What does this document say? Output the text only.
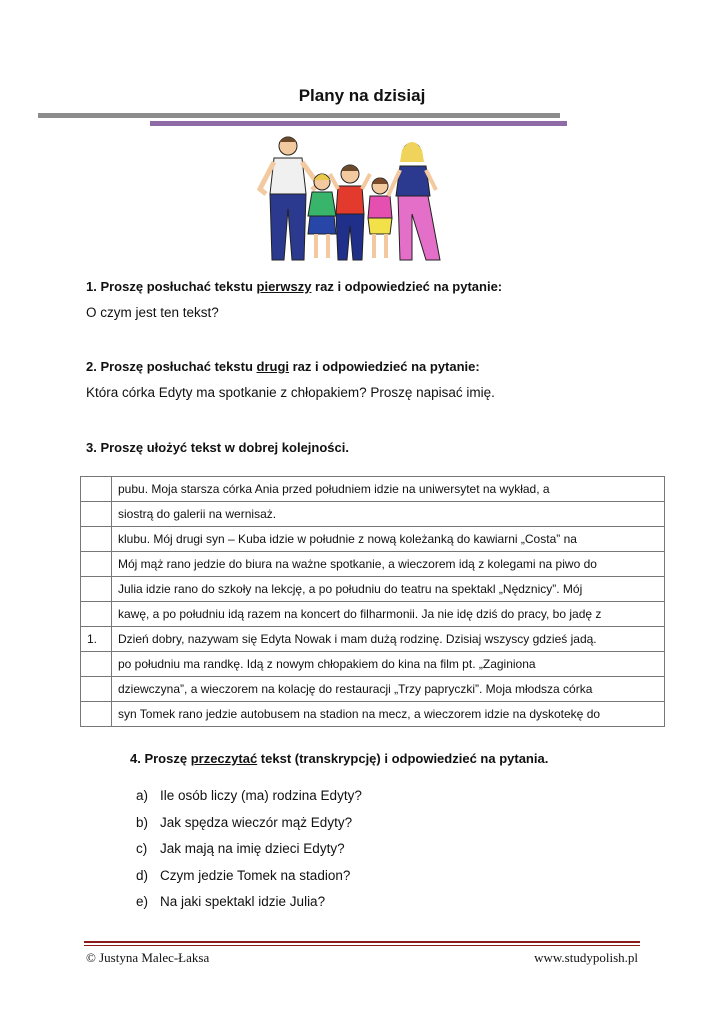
Plany na dzisiaj
1. Proszę posłuchać tekstu pierwszy raz i odpowiedzieć na pytanie:
O czym jest ten tekst?
2. Proszę posłuchać tekstu drugi raz i odpowiedzieć na pytanie:
Która córka Edyty ma spotkanie z chłopakiem? Proszę napisać imię.
3. Proszę ułożyć tekst w dobrej kolejności.
	pubu. Moja starsza córka Ania przed południem idzie na uniwersytet na wykład, a
	siostrą do galerii na wernisaż.
	klubu. Mój drugi syn – Kuba idzie w południe z nową koleżanką do kawiarni „Costa” na
	Mój mąż rano jedzie do biura na ważne spotkanie, a wieczorem idą z kolegami na piwo do
	Julia idzie rano do szkoły na lekcję, a po południu do teatru na spektakl „Nędznicy”. Mój
	kawę, a po południu idą razem na koncert do filharmonii. Ja nie idę dziś do pracy, bo jadę z
1.	Dzień dobry, nazywam się Edyta Nowak i mam dużą rodzinę. Dzisiaj wszyscy gdzieś jadą.
	po południu ma randkę. Idą z nowym chłopakiem do kina na film pt. „Zaginiona
	dziewczyna”, a wieczorem na kolację do restauracji „Trzy papryczki”. Moja młodsza córka
	syn Tomek rano jedzie autobusem na stadion na mecz, a wieczorem idzie na dyskotekę do
4. Proszę przeczytać tekst (transkrypcję) i odpowiedzieć na pytania.
a) Ile osób liczy (ma) rodzina Edyty?
b) Jak spędza wieczór mąż Edyty?
c) Jak mają na imię dzieci Edyty?
d) Czym jedzie Tomek na stadion?
e) Na jaki spektakl idzie Julia?
© Justyna Malec-Łaksa	www.studypolish.pl
